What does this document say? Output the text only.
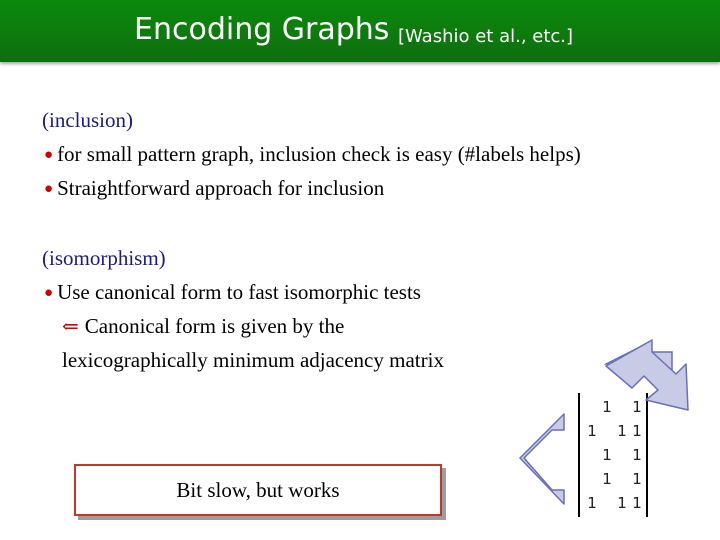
Encoding Graphs [Washio et al., etc.]
(inclusion)
● for small pattern graph, inclusion check is easy (#labels helps)
● Straightforward approach for inclusion
(isomorphism)
● Use canonical form to fast isomorphic tests
⇐ Canonical form is given by the
lexicographically minimum adjacency matrix
Bit slow, but works
1 1
1 1 1
1 1
1 1
1 1 1
